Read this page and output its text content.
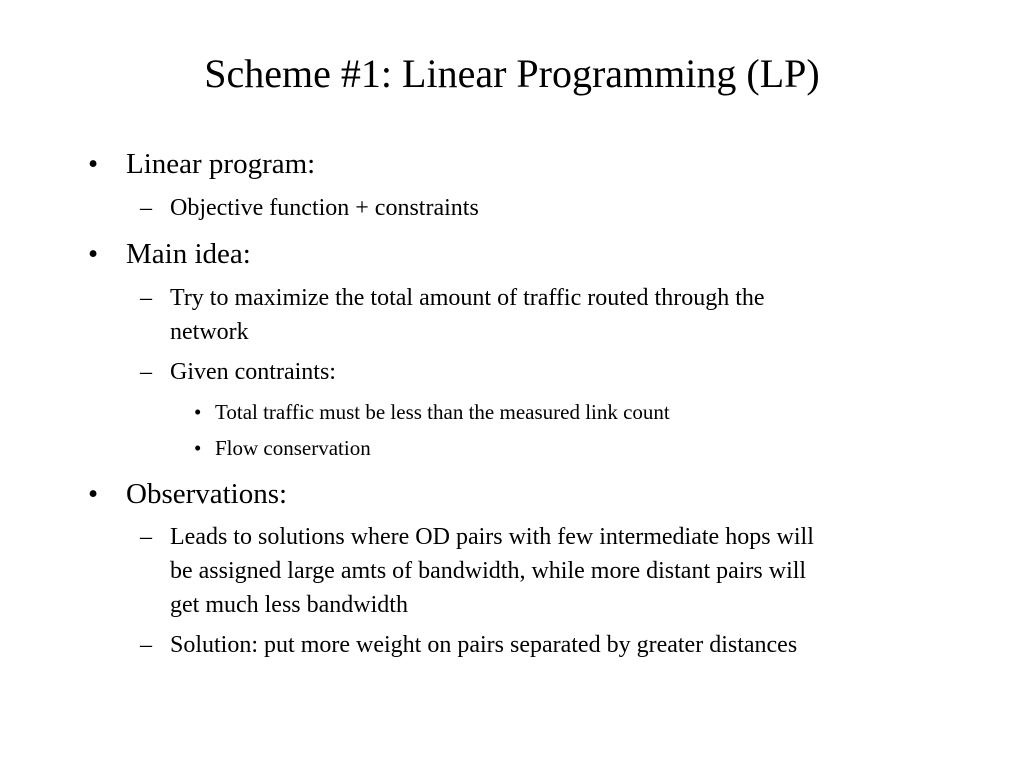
Scheme #1: Linear Programming (LP)
• Linear program:
– Objective function + constraints
• Main idea:
– Try to maximize the total amount of traffic routed through the
network
– Given contraints:
• Total traffic must be less than the measured link count
• Flow conservation
• Observations:
– Leads to solutions where OD pairs with few intermediate hops will
be assigned large amts of bandwidth, while more distant pairs will
get much less bandwidth
– Solution: put more weight on pairs separated by greater distances
